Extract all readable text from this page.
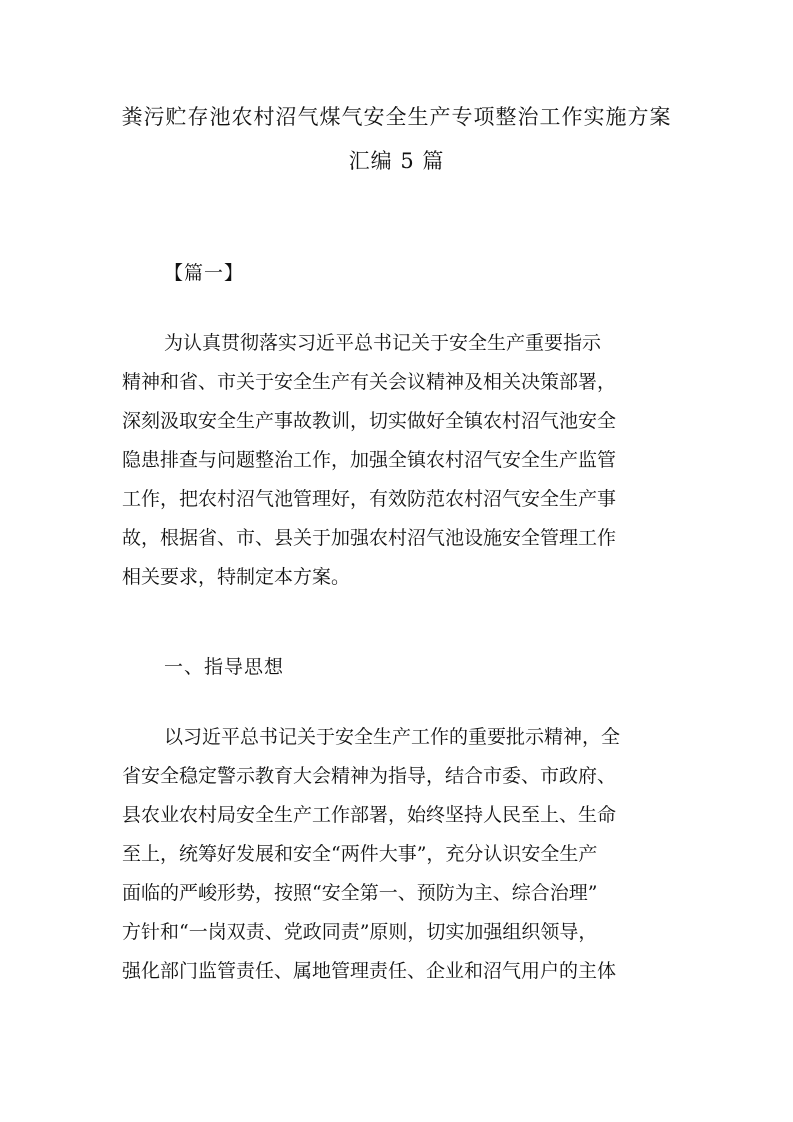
粪污贮存池农村沼气煤气安全生产专项整治工作实施方案
汇编 5 篇
【篇一】
为认真贯彻落实习近平总书记关于安全生产重要指示
精神和省、市关于安全生产有关会议精神及相关决策部署，
深刻汲取安全生产事故教训，切实做好全镇农村沼气池安全
隐患排查与问题整治工作，加强全镇农村沼气安全生产监管
工作，把农村沼气池管理好，有效防范农村沼气安全生产事
故，根据省、市、县关于加强农村沼气池设施安全管理工作
相关要求，特制定本方案。
一、指导思想
以习近平总书记关于安全生产工作的重要批示精神，全
省安全稳定警示教育大会精神为指导，结合市委、市政府、
县农业农村局安全生产工作部署，始终坚持人民至上、生命
至上，统筹好发展和安全“两件大事”，充分认识安全生产
面临的严峻形势，按照“安全第一、预防为主、综合治理”
方针和“一岗双责、党政同责”原则，切实加强组织领导，
强化部门监管责任、属地管理责任、企业和沼气用户的主体
